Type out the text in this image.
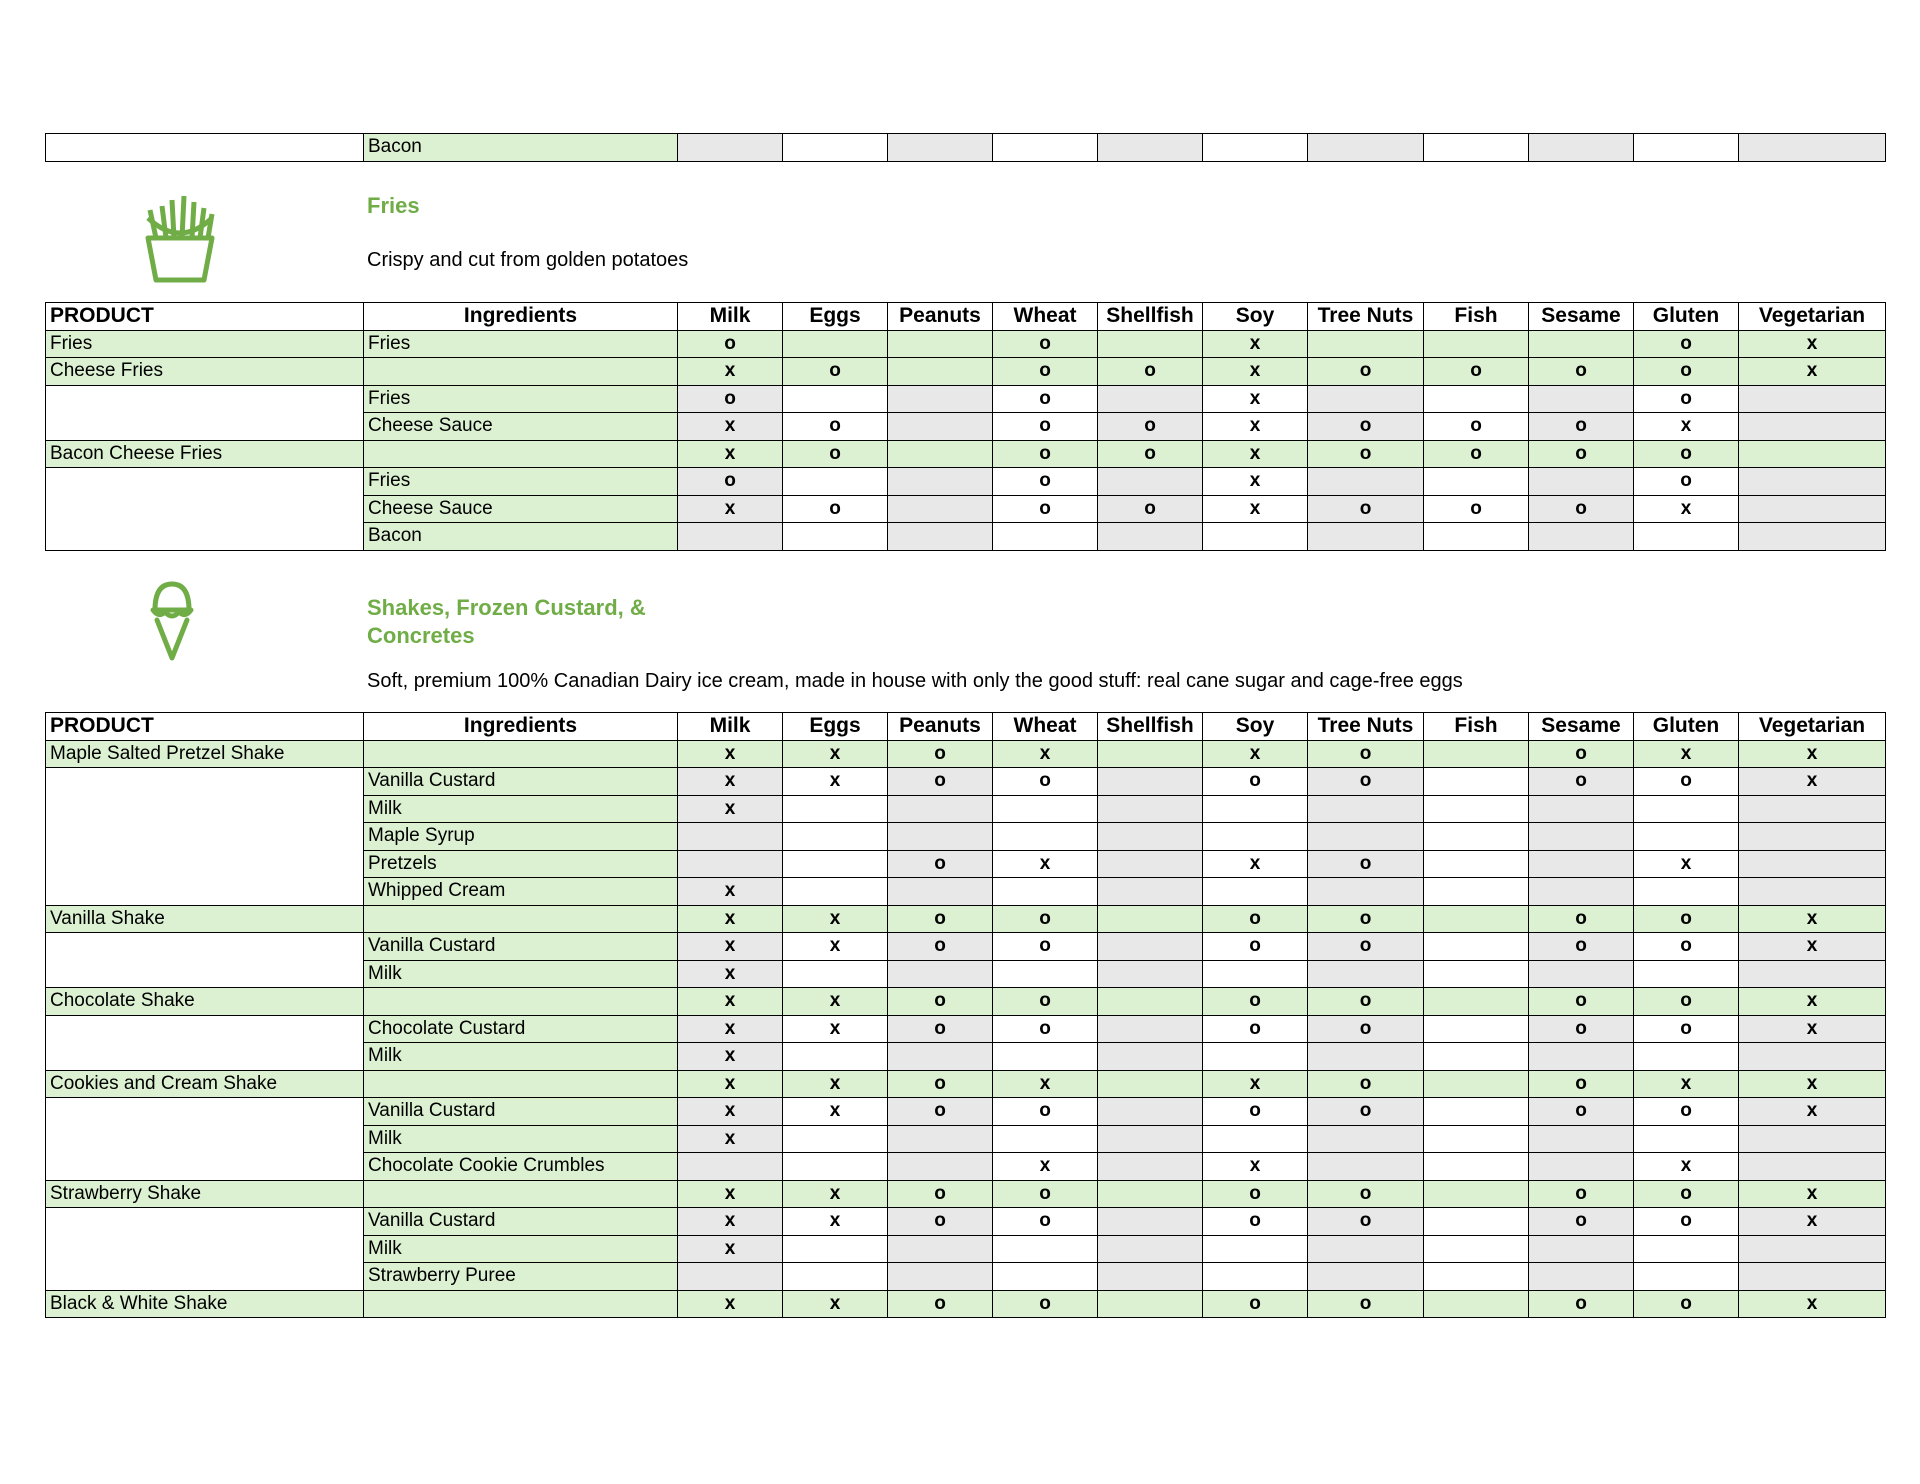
	Bacon											
Fries
Crispy and cut from golden potatoes
PRODUCT	Ingredients	Milk	Eggs	Peanuts	Wheat	Shellfish	Soy	Tree Nuts	Fish	Sesame	Gluten	Vegetarian
Fries	Fries	o			o		x				o	x
Cheese Fries		x	o		o	o	x	o	o	o	o	x
	Fries	o			o		x				o	
	Cheese Sauce	x	o		o	o	x	o	o	o	x	
Bacon Cheese Fries		x	o		o	o	x	o	o	o	o	
	Fries	o			o		x				o	
	Cheese Sauce	x	o		o	o	x	o	o	o	x	
	Bacon											
Shakes, Frozen Custard, & Concretes
Soft, premium 100% Canadian Dairy ice cream, made in house with only the good stuff: real cane sugar and cage-free eggs
PRODUCT	Ingredients	Milk	Eggs	Peanuts	Wheat	Shellfish	Soy	Tree Nuts	Fish	Sesame	Gluten	Vegetarian
Maple Salted Pretzel Shake		x	x	o	x		x	o		o	x	x
	Vanilla Custard	x	x	o	o		o	o		o	o	x
	Milk	x										
	Maple Syrup											
	Pretzels			o	x		x	o			x	
	Whipped Cream	x										
Vanilla Shake		x	x	o	o		o	o		o	o	x
	Vanilla Custard	x	x	o	o		o	o		o	o	x
	Milk	x										
Chocolate Shake		x	x	o	o		o	o		o	o	x
	Chocolate Custard	x	x	o	o		o	o		o	o	x
	Milk	x										
Cookies and Cream Shake		x	x	o	x		x	o		o	x	x
	Vanilla Custard	x	x	o	o		o	o		o	o	x
	Milk	x										
	Chocolate Cookie Crumbles				x		x				x	
Strawberry Shake		x	x	o	o		o	o		o	o	x
	Vanilla Custard	x	x	o	o		o	o		o	o	x
	Milk	x										
	Strawberry Puree											
Black & White Shake		x	x	o	o		o	o		o	o	x
